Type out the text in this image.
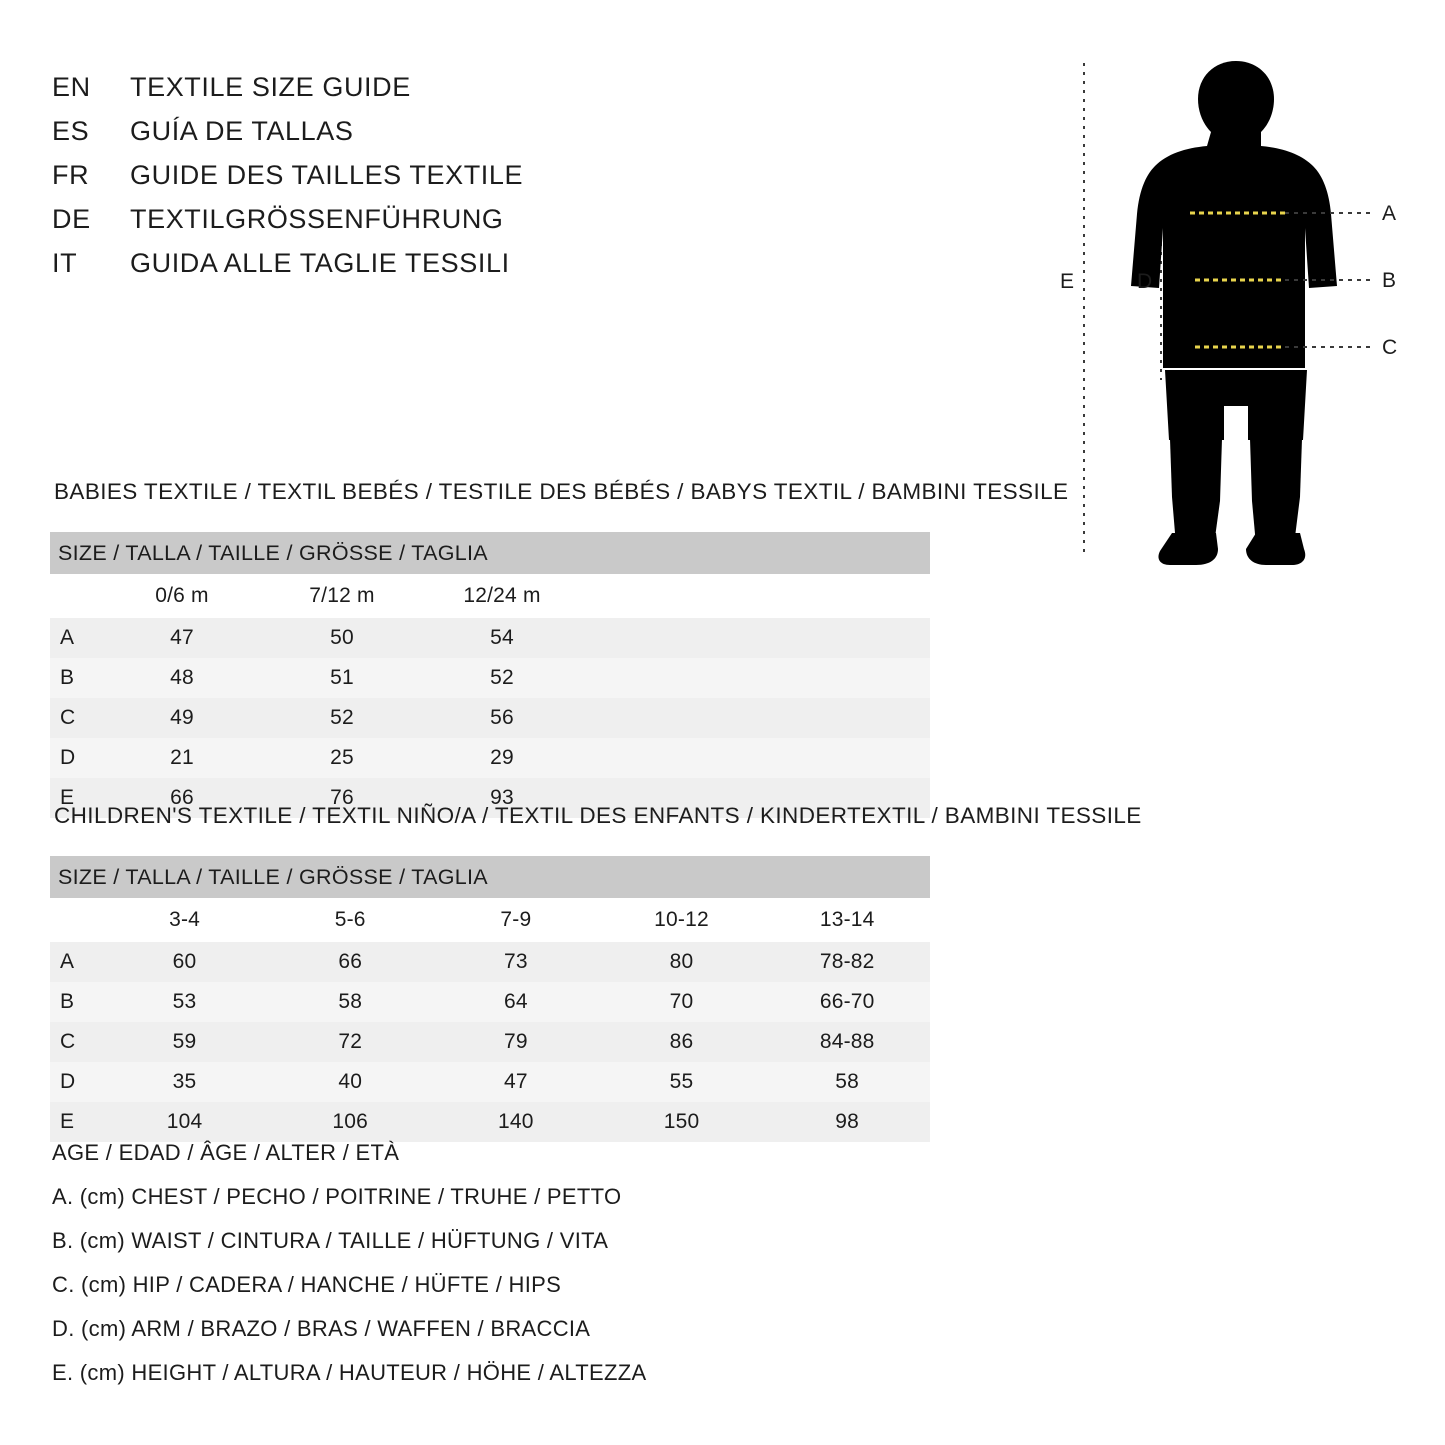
EN	TEXTILE SIZE GUIDE
ES	GUÍA DE TALLAS
FR	GUIDE DES TAILLES TEXTILE
DE	TEXTILGRÖSSENFÜHRUNG
IT	GUIDA ALLE TAGLIE TESSILI
A
B
C
E	D
BABIES TEXTILE / TEXTIL BEBÉS / TESTILE DES BÉBÉS / BABYS TEXTIL / BAMBINI TESSILE
SIZE / TALLA / TAILLE / GRÖSSE / TAGLIA				
	0/6 m	7/12 m	12/24 m	
A	47	50	54	
B	48	51	52	
C	49	52	56	
D	21	25	29	
E	66	76	93	
CHILDREN'S TEXTILE / TEXTIL NIÑO/A / TEXTIL DES ENFANTS / KINDERTEXTIL / BAMBINI TESSILE
SIZE / TALLA / TAILLE / GRÖSSE / TAGLIA					
	3-4	5-6	7-9	10-12	13-14
A	60	66	73	80	78-82
B	53	58	64	70	66-70
C	59	72	79	86	84-88
D	35	40	47	55	58
E	104	106	140	150	98
AGE / EDAD / ÂGE / ALTER / ETÀ
A. (cm) CHEST / PECHO / POITRINE / TRUHE / PETTO
B. (cm) WAIST / CINTURA / TAILLE / HÜFTUNG / VITA
C. (cm) HIP / CADERA / HANCHE / HÜFTE / HIPS
D. (cm) ARM / BRAZO / BRAS / WAFFEN / BRACCIA
E. (cm) HEIGHT / ALTURA / HAUTEUR / HÖHE / ALTEZZA
